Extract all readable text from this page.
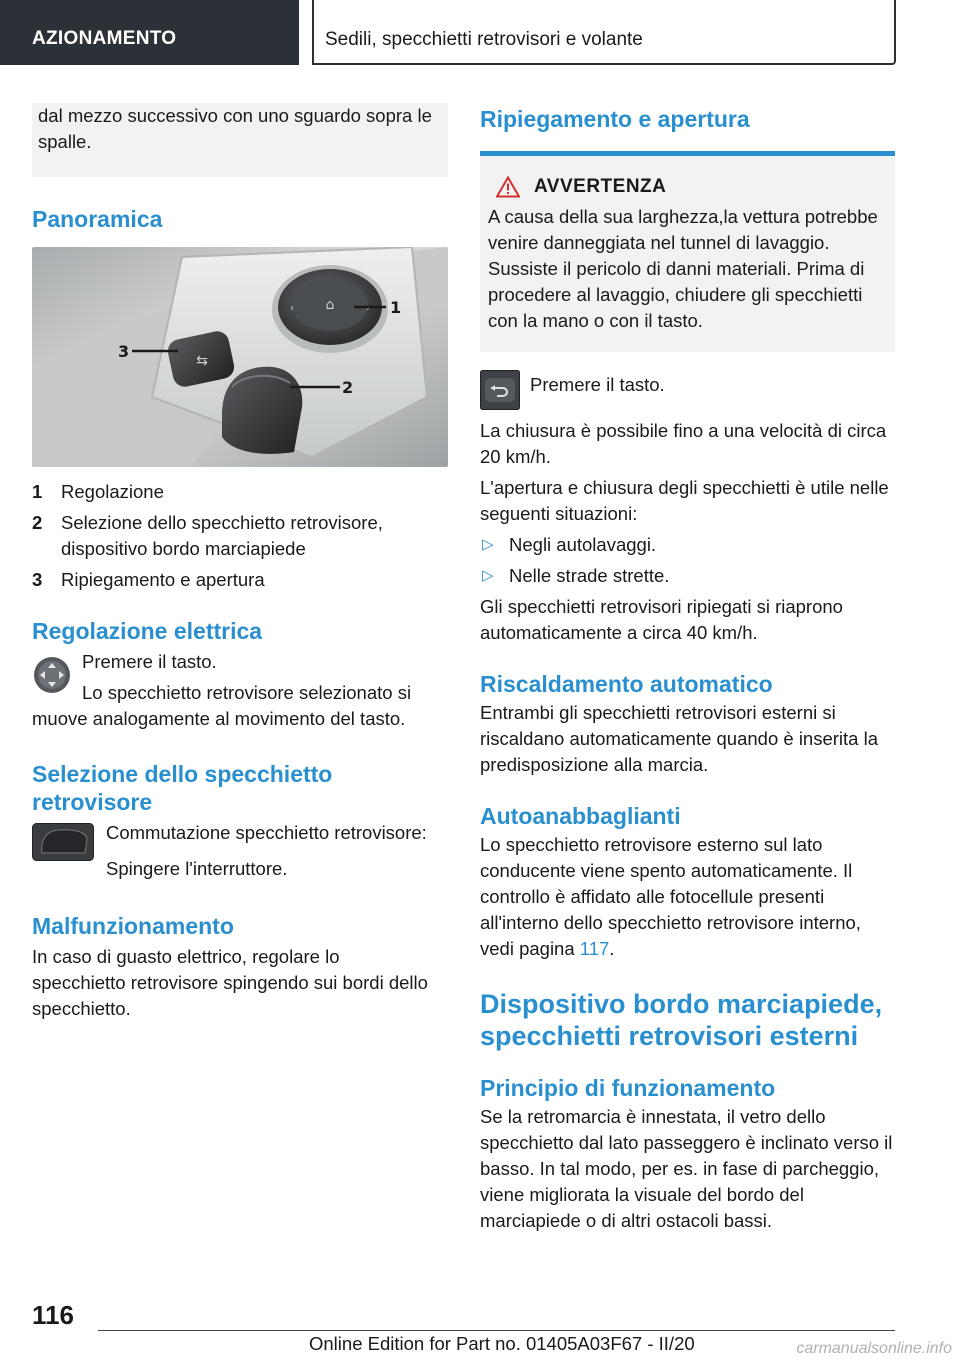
AZIONAMENTO	Sedili, specchietti retrovisori e volante

dal mezzo successivo con uno sguardo sopra le spalle.

Panoramica
⌂
‹	›
⇆
1
2
3
1	Regolazione
2	Selezione dello specchietto retrovisore, dispositivo bordo marciapiede
3	Ripiegamento e apertura
Regolazione elettrica

Premere il tasto.

Lo specchietto retrovisore selezionato si muove analogamente al movimento del tasto.

Selezione dello specchietto retrovisore

Commutazione specchietto retrovisore:

Spingere l'interruttore.

Malfunzionamento

In caso di guasto elettrico, regolare lo specchietto retrovisore spingendo sui bordi dello specchietto.

Ripiegamento e apertura
AVVERTENZA

A causa della sua larghezza,la vettura potrebbe venire danneggiata nel tunnel di lavaggio. Sussiste il pericolo di danni materiali. Prima di procedere al lavaggio, chiudere gli specchietti con la mano o con il tasto.

Premere il tasto.

La chiusura è possibile fino a una velocità di circa 20 km/h.

L'apertura e chiusura degli specchietti è utile nelle seguenti situazioni:

▷ Negli autolavaggi.

▷ Nelle strade strette.

Gli specchietti retrovisori ripiegati si riaprono automaticamente a circa 40 km/h.

Riscaldamento automatico

Entrambi gli specchietti retrovisori esterni si riscaldano automaticamente quando è inserita la predisposizione alla marcia.

Autoanabbaglianti

Lo specchietto retrovisore esterno sul lato conducente viene spento automaticamente. Il controllo è affidato alle fotocellule presenti all'interno dello specchietto retrovisore interno, vedi pagina 117.

Dispositivo bordo marciapiede, specchietti retrovisori esterni
Principio di funzionamento

Se la retromarcia è innestata, il vetro dello specchietto dal lato passeggero è inclinato verso il basso. In tal modo, per es. in fase di parcheggio, viene migliorata la visuale del bordo del marciapiede o di altri ostacoli bassi.

116
Online Edition for Part no. 01405A03F67 - II/20	carmanualsonline.info
